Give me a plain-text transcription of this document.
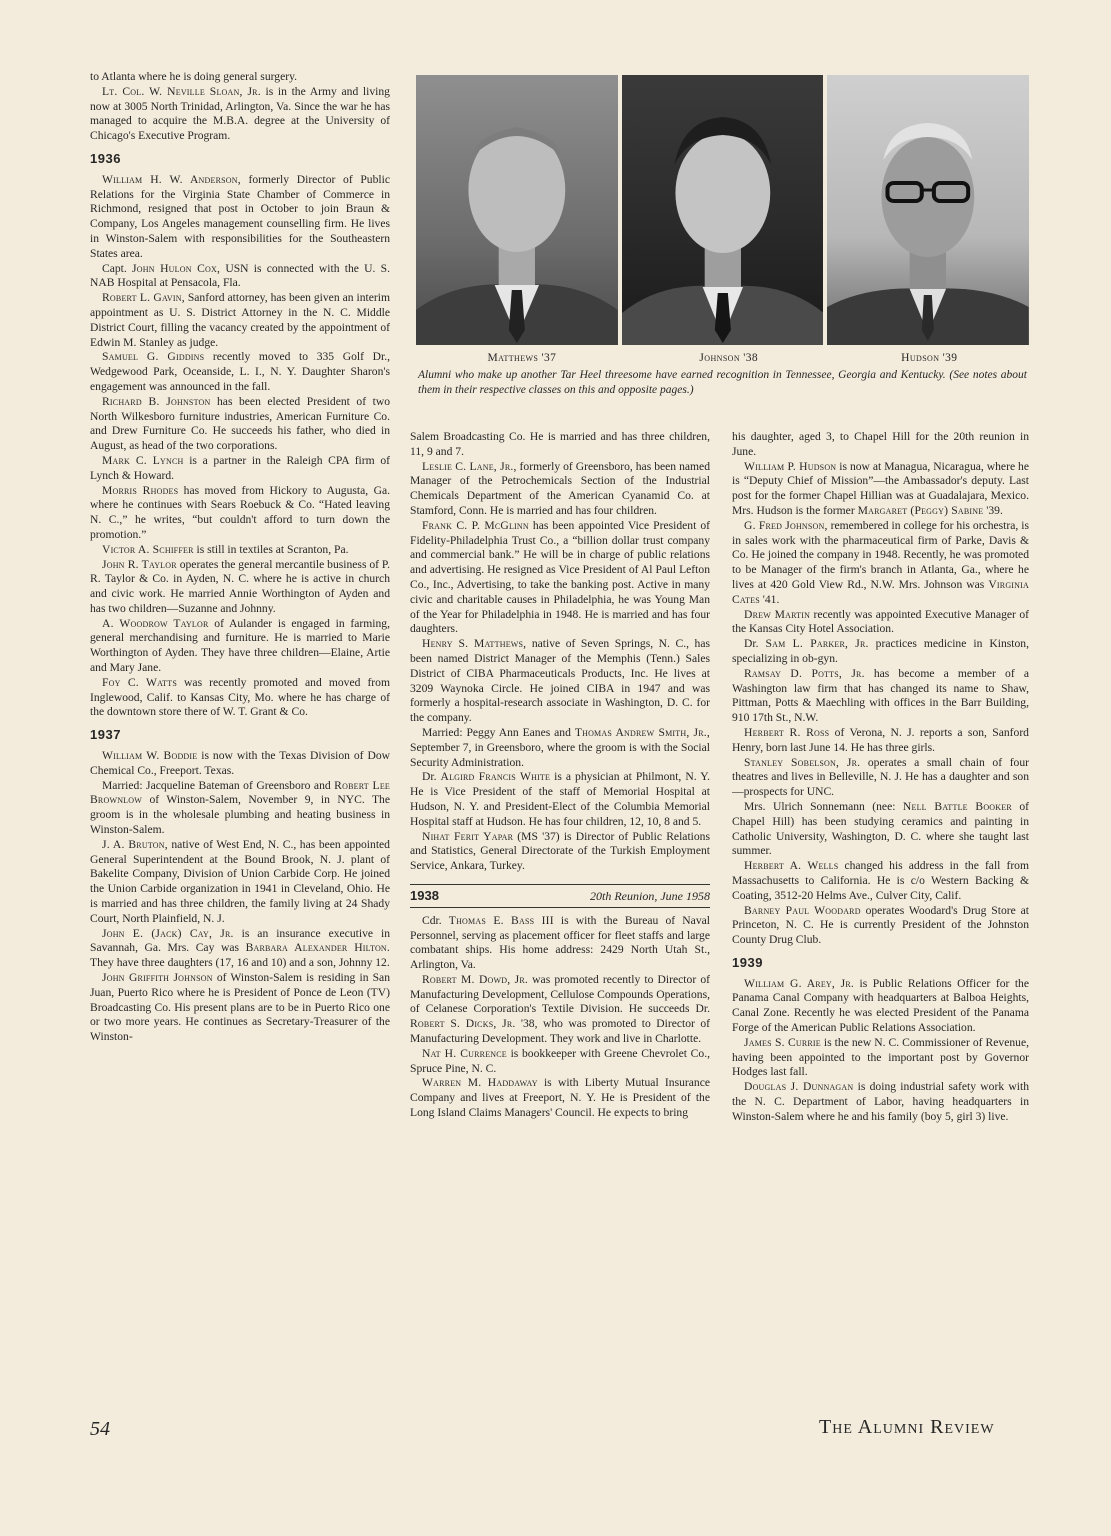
to Atlanta where he is doing general surgery.

Lt. Col. W. Neville Sloan, Jr. is in the Army and living now at 3005 North Trinidad, Arlington, Va. Since the war he has managed to acquire the M.B.A. degree at the University of Chicago's Executive Program.

1936

William H. W. Anderson, formerly Director of Public Relations for the Virginia State Chamber of Commerce in Richmond, resigned that post in October to join Braun & Company, Los Angeles management counselling firm. He lives in Winston-Salem with responsibilities for the Southeastern States area.

Capt. John Hulon Cox, USN is connected with the U. S. NAB Hospital at Pensacola, Fla.

Robert L. Gavin, Sanford attorney, has been given an interim appointment as U. S. District Attorney in the N. C. Middle District Court, filling the vacancy created by the appointment of Edwin M. Stanley as judge.

Samuel G. Giddins recently moved to 335 Golf Dr., Wedgewood Park, Oceanside, L. I., N. Y. Daughter Sharon's engagement was announced in the fall.

Richard B. Johnston has been elected President of two North Wilkesboro furniture industries, American Furniture Co. and Drew Furniture Co. He succeeds his father, who died in August, as head of the two corporations.

Mark C. Lynch is a partner in the Raleigh CPA firm of Lynch & Howard.

Morris Rhodes has moved from Hickory to Augusta, Ga. where he continues with Sears Roebuck & Co. “Hated leaving N. C.,” he writes, “but couldn't afford to turn down the promotion.”

Victor A. Schiffer is still in textiles at Scranton, Pa.

John R. Taylor operates the general mercantile business of P. R. Taylor & Co. in Ayden, N. C. where he is active in church and civic work. He married Annie Worthington of Ayden and has two children—Suzanne and Johnny.

A. Woodrow Taylor of Aulander is engaged in farming, general merchandising and furniture. He is married to Marie Worthington of Ayden. They have three children—Elaine, Artie and Mary Jane.

Foy C. Watts was recently promoted and moved from Inglewood, Calif. to Kansas City, Mo. where he has charge of the downtown store there of W. T. Grant & Co.

1937

William W. Boddie is now with the Texas Division of Dow Chemical Co., Freeport. Texas.

Married: Jacqueline Bateman of Greensboro and Robert Lee Brownlow of Winston-Salem, November 9, in NYC. The groom is in the wholesale plumbing and heating business in Winston-Salem.

J. A. Bruton, native of West End, N. C., has been appointed General Superintendent at the Bound Brook, N. J. plant of Bakelite Company, Division of Union Carbide Corp. He joined the Union Carbide organization in 1941 in Cleveland, Ohio. He is married and has three children, the family living at 24 Shady Court, North Plainfield, N. J.

John E. (Jack) Cay, Jr. is an insurance executive in Savannah, Ga. Mrs. Cay was Barbara Alexander Hilton. They have three daughters (17, 16 and 10) and a son, Johnny 12.

John Griffith Johnson of Winston-Salem is residing in San Juan, Puerto Rico where he is President of Ponce de Leon (TV) Broadcasting Co. His present plans are to be in Puerto Rico one or two more years. He continues as Secretary-Treasurer of the Winston-

Matthews '37	Johnson '38	Hudson '39
Alumni who make up another Tar Heel threesome have earned recognition in Tennessee, Georgia and Kentucky. (See notes about them in their respective classes on this and opposite pages.)

Salem Broadcasting Co. He is married and has three children, 11, 9 and 7.

Leslie C. Lane, Jr., formerly of Greensboro, has been named Manager of the Petrochemicals Section of the Industrial Chemicals Department of the American Cyanamid Co. at Stamford, Conn. He is married and has four children.

Frank C. P. McGlinn has been appointed Vice President of Fidelity-Philadelphia Trust Co., a “billion dollar trust company and commercial bank.” He will be in charge of public relations and advertising. He resigned as Vice President of Al Paul Lefton Co., Inc., Advertising, to take the banking post. Active in many civic and charitable causes in Philadelphia, he was Young Man of the Year for Philadelphia in 1948. He is married and has four daughters.

Henry S. Matthews, native of Seven Springs, N. C., has been named District Manager of the Memphis (Tenn.) Sales District of CIBA Pharmaceuticals Products, Inc. He lives at 3209 Waynoka Circle. He joined CIBA in 1947 and was formerly a hospital-research associate in Washington, D. C. for the company.

Married: Peggy Ann Eanes and Thomas Andrew Smith, Jr., September 7, in Greensboro, where the groom is with the Social Security Administration.

Dr. Algird Francis White is a physician at Philmont, N. Y. He is Vice President of the staff of Memorial Hospital at Hudson, N. Y. and President-Elect of the Columbia Memorial Hospital staff at Hudson. He has four children, 12, 10, 8 and 5.

Nihat Ferit Yapar (MS '37) is Director of Public Relations and Statistics, General Directorate of the Turkish Employment Service, Ankara, Turkey.

1938	20th Reunion, June 1958

Cdr. Thomas E. Bass III is with the Bureau of Naval Personnel, serving as placement officer for fleet staffs and large combatant ships. His home address: 2429 North Utah St., Arlington, Va.

Robert M. Dowd, Jr. was promoted recently to Director of Manufacturing Development, Cellulose Compounds Operations, of Celanese Corporation's Textile Division. He succeeds Dr. Robert S. Dicks, Jr. '38, who was promoted to Director of Manufacturing Development. They work and live in Charlotte.

Nat H. Currence is bookkeeper with Greene Chevrolet Co., Spruce Pine, N. C.

Warren M. Haddaway is with Liberty Mutual Insurance Company and lives at Freeport, N. Y. He is President of the Long Island Claims Managers' Council. He expects to bring

his daughter, aged 3, to Chapel Hill for the 20th reunion in June.

William P. Hudson is now at Managua, Nicaragua, where he is “Deputy Chief of Mission”—the Ambassador's deputy. Last post for the former Chapel Hillian was at Guadalajara, Mexico. Mrs. Hudson is the former Margaret (Peggy) Sabine '39.

G. Fred Johnson, remembered in college for his orchestra, is in sales work with the pharmaceutical firm of Parke, Davis & Co. He joined the company in 1948. Recently, he was promoted to be Manager of the firm's branch in Atlanta, Ga., where he lives at 420 Gold View Rd., N.W. Mrs. Johnson was Virginia Cates '41.

Drew Martin recently was appointed Executive Manager of the Kansas City Hotel Association.

Dr. Sam L. Parker, Jr. practices medicine in Kinston, specializing in ob-gyn.

Ramsay D. Potts, Jr. has become a member of a Washington law firm that has changed its name to Shaw, Pittman, Potts & Maechling with offices in the Barr Building, 910 17th St., N.W.

Herbert R. Ross of Verona, N. J. reports a son, Sanford Henry, born last June 14. He has three girls.

Stanley Sobelson, Jr. operates a small chain of four theatres and lives in Belleville, N. J. He has a daughter and son—prospects for UNC.

Mrs. Ulrich Sonnemann (nee: Nell Battle Booker of Chapel Hill) has been studying ceramics and painting in Catholic University, Washington, D. C. where she taught last summer.

Herbert A. Wells changed his address in the fall from Massachusetts to California. He is c/o Western Backing & Coating, 3512-20 Helms Ave., Culver City, Calif.

Barney Paul Woodard operates Woodard's Drug Store at Princeton, N. C. He is currently President of the Johnston County Drug Club.

1939

William G. Arey, Jr. is Public Relations Officer for the Panama Canal Company with headquarters at Balboa Heights, Canal Zone. Recently he was elected President of the Panama Forge of the American Public Relations Association.

James S. Currie is the new N. C. Commissioner of Revenue, having been appointed to the important post by Governor Hodges last fall.

Douglas J. Dunnagan is doing industrial safety work with the N. C. Department of Labor, having headquarters in Winston-Salem where he and his family (boy 5, girl 3) live.

54	The Alumni Review
